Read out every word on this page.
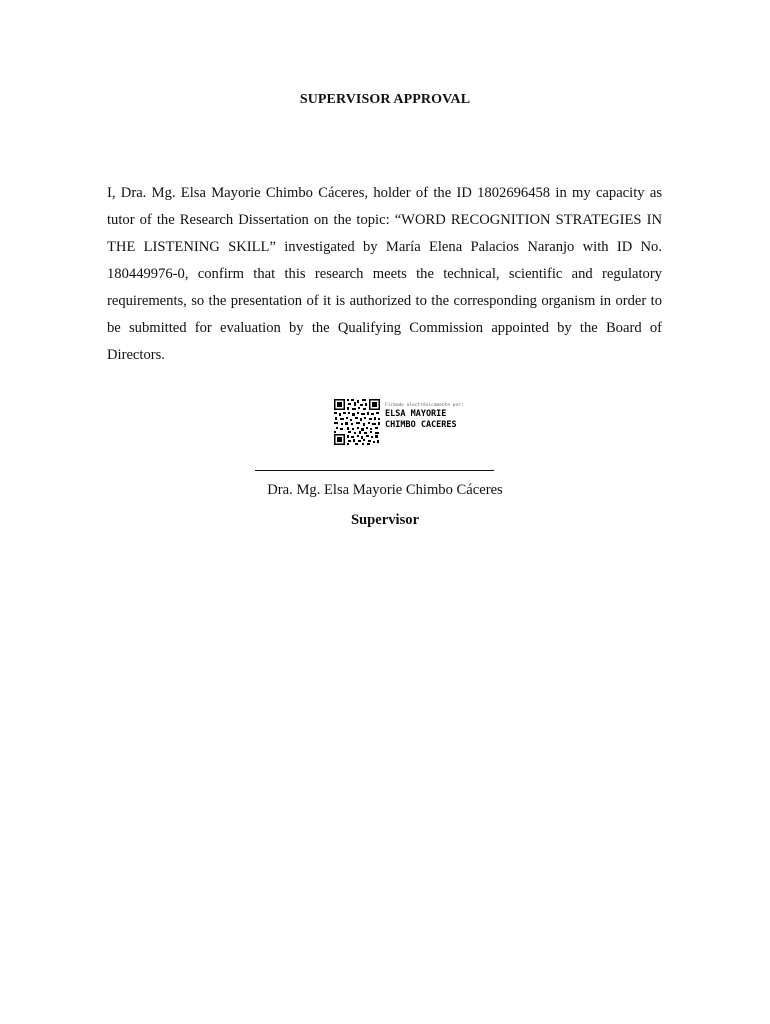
SUPERVISOR APPROVAL
I, Dra. Mg. Elsa Mayorie Chimbo Cáceres, holder of the ID 1802696458 in my capacity as tutor of the Research Dissertation on the topic: “WORD RECOGNITION STRATEGIES IN THE LISTENING SKILL” investigated by María Elena Palacios Naranjo with ID No. 180449976-0, confirm that this research meets the technical, scientific and regulatory requirements, so the presentation of it is authorized to the corresponding organism in order to be submitted for evaluation by the Qualifying Commission appointed by the Board of Directors.
Firmado electrónicamente por:
ELSA MAYORIE
CHIMBO CACERES
Dra. Mg. Elsa Mayorie Chimbo Cáceres
Supervisor
